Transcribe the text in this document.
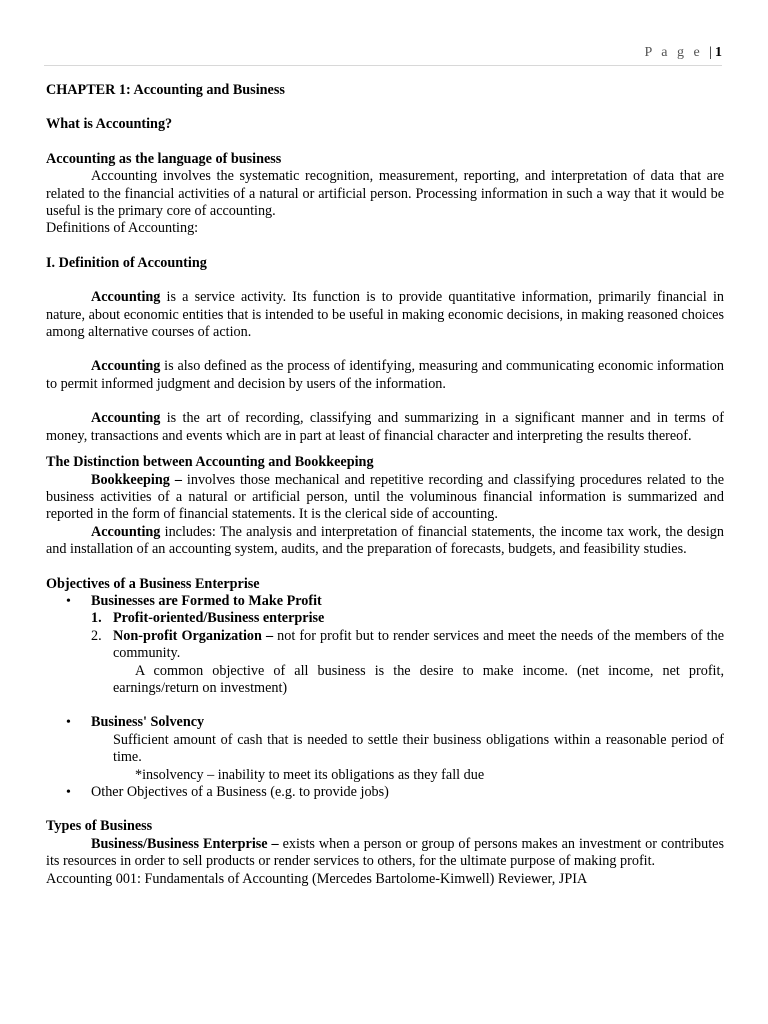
P a g e | 1
CHAPTER 1: Accounting and Business
What is Accounting?
Accounting as the language of business
Accounting involves the systematic recognition, measurement, reporting, and interpretation of data that are related to the financial activities of a natural or artificial person. Processing information in such a way that it would be useful is the primary core of accounting.
Definitions of Accounting:
I. Definition of Accounting
Accounting is a service activity. Its function is to provide quantitative information, primarily financial in nature, about economic entities that is intended to be useful in making economic decisions, in making reasoned choices among alternative courses of action.
Accounting is also defined as the process of identifying, measuring and communicating economic information to permit informed judgment and decision by users of the information.
Accounting is the art of recording, classifying and summarizing in a significant manner and in terms of money, transactions and events which are in part at least of financial character and interpreting the results thereof.
The Distinction between Accounting and Bookkeeping
Bookkeeping – involves those mechanical and repetitive recording and classifying procedures related to the business activities of a natural or artificial person, until the voluminous financial information is summarized and reported in the form of financial statements. It is the clerical side of accounting.
Accounting includes: The analysis and interpretation of financial statements, the income tax work, the design and installation of an accounting system, audits, and the preparation of forecasts, budgets, and feasibility studies.
Objectives of a Business Enterprise
• Businesses are Formed to Make Profit
1. Profit-oriented/Business enterprise
2. Non-profit Organization – not for profit but to render services and meet the needs of the members of the community.
A common objective of all business is the desire to make income. (net income, net profit, earnings/return on investment)
• Business' Solvency
Sufficient amount of cash that is needed to settle their business obligations within a reasonable period of time.
*insolvency – inability to meet its obligations as they fall due
• Other Objectives of a Business (e.g. to provide jobs)
Types of Business
Business/Business Enterprise – exists when a person or group of persons makes an investment or contributes its resources in order to sell products or render services to others, for the ultimate purpose of making profit.
Accounting 001: Fundamentals of Accounting (Mercedes Bartolome-Kimwell) Reviewer, JPIA
